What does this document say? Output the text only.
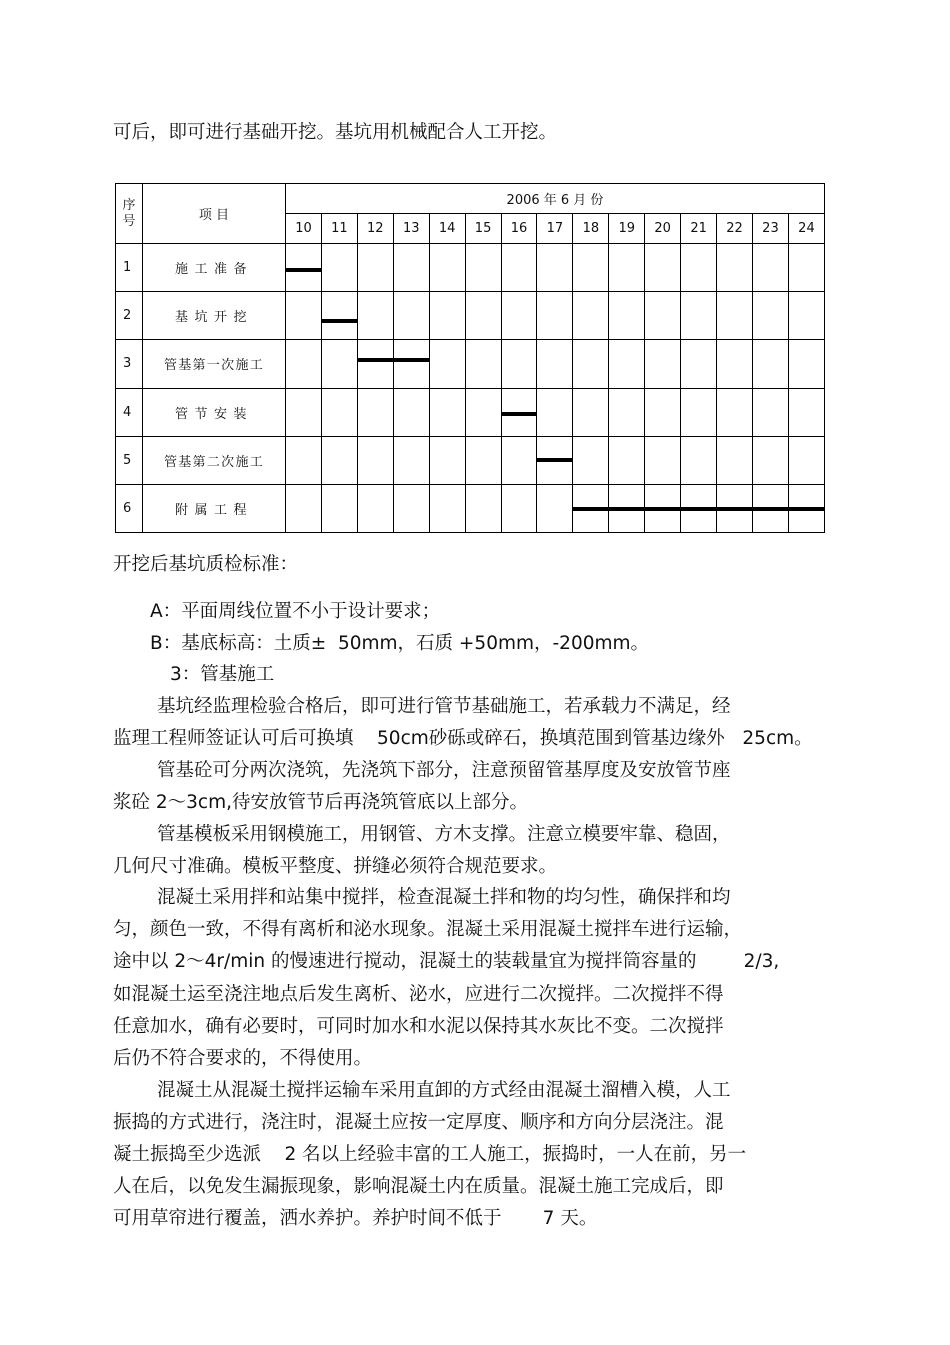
可后，即可进行基础开挖。基坑用机械配合人工开挖。

序
号	项 目	2006 年 6 月 份														
		10	11	12	13	14	15	16	17	18	19	20	21	22	23	24
1	施工准备	

2	基坑开挖		

3	管基第一次施工			

4	管节安装							

5	管基第二次施工								

6	附属工程									

开挖后基坑质检标准：

A：平面周线位置不小于设计要求；

B：基底标高：土质±  50mm，石质 +50mm，-200mm。

3：管基施工

基坑经监理检验合格后，即可进行管节基础施工，若承载力不满足，经

监理工程师签证认可后可换填    50cm砂砾或碎石，换填范围到管基边缘外   25cm。

管基砼可分两次浇筑，先浇筑下部分，注意预留管基厚度及安放管节座

浆砼 2～3cm,待安放管节后再浇筑管底以上部分。

管基模板采用钢模施工，用钢管、方木支撑。注意立模要牢靠、稳固，

几何尺寸准确。模板平整度、拼缝必须符合规范要求。

混凝土采用拌和站集中搅拌，检查混凝土拌和物的均匀性，确保拌和均

匀，颜色一致，不得有离析和泌水现象。混凝土采用混凝土搅拌车进行运输，

途中以 2～4r/min 的慢速进行搅动，混凝土的装载量宜为搅拌筒容量的        2/3,

如混凝土运至浇注地点后发生离析、泌水，应进行二次搅拌。二次搅拌不得

任意加水，确有必要时，可同时加水和水泥以保持其水灰比不变。二次搅拌

后仍不符合要求的，不得使用。

混凝土从混凝土搅拌运输车采用直卸的方式经由混凝土溜槽入模，人工

振捣的方式进行，浇注时，混凝土应按一定厚度、顺序和方向分层浇注。混

凝土振捣至少选派    2 名以上经验丰富的工人施工，振捣时，一人在前，另一

人在后，以免发生漏振现象，影响混凝土内在质量。混凝土施工完成后，即

可用草帘进行覆盖，洒水养护。养护时间不低于       7 天。
